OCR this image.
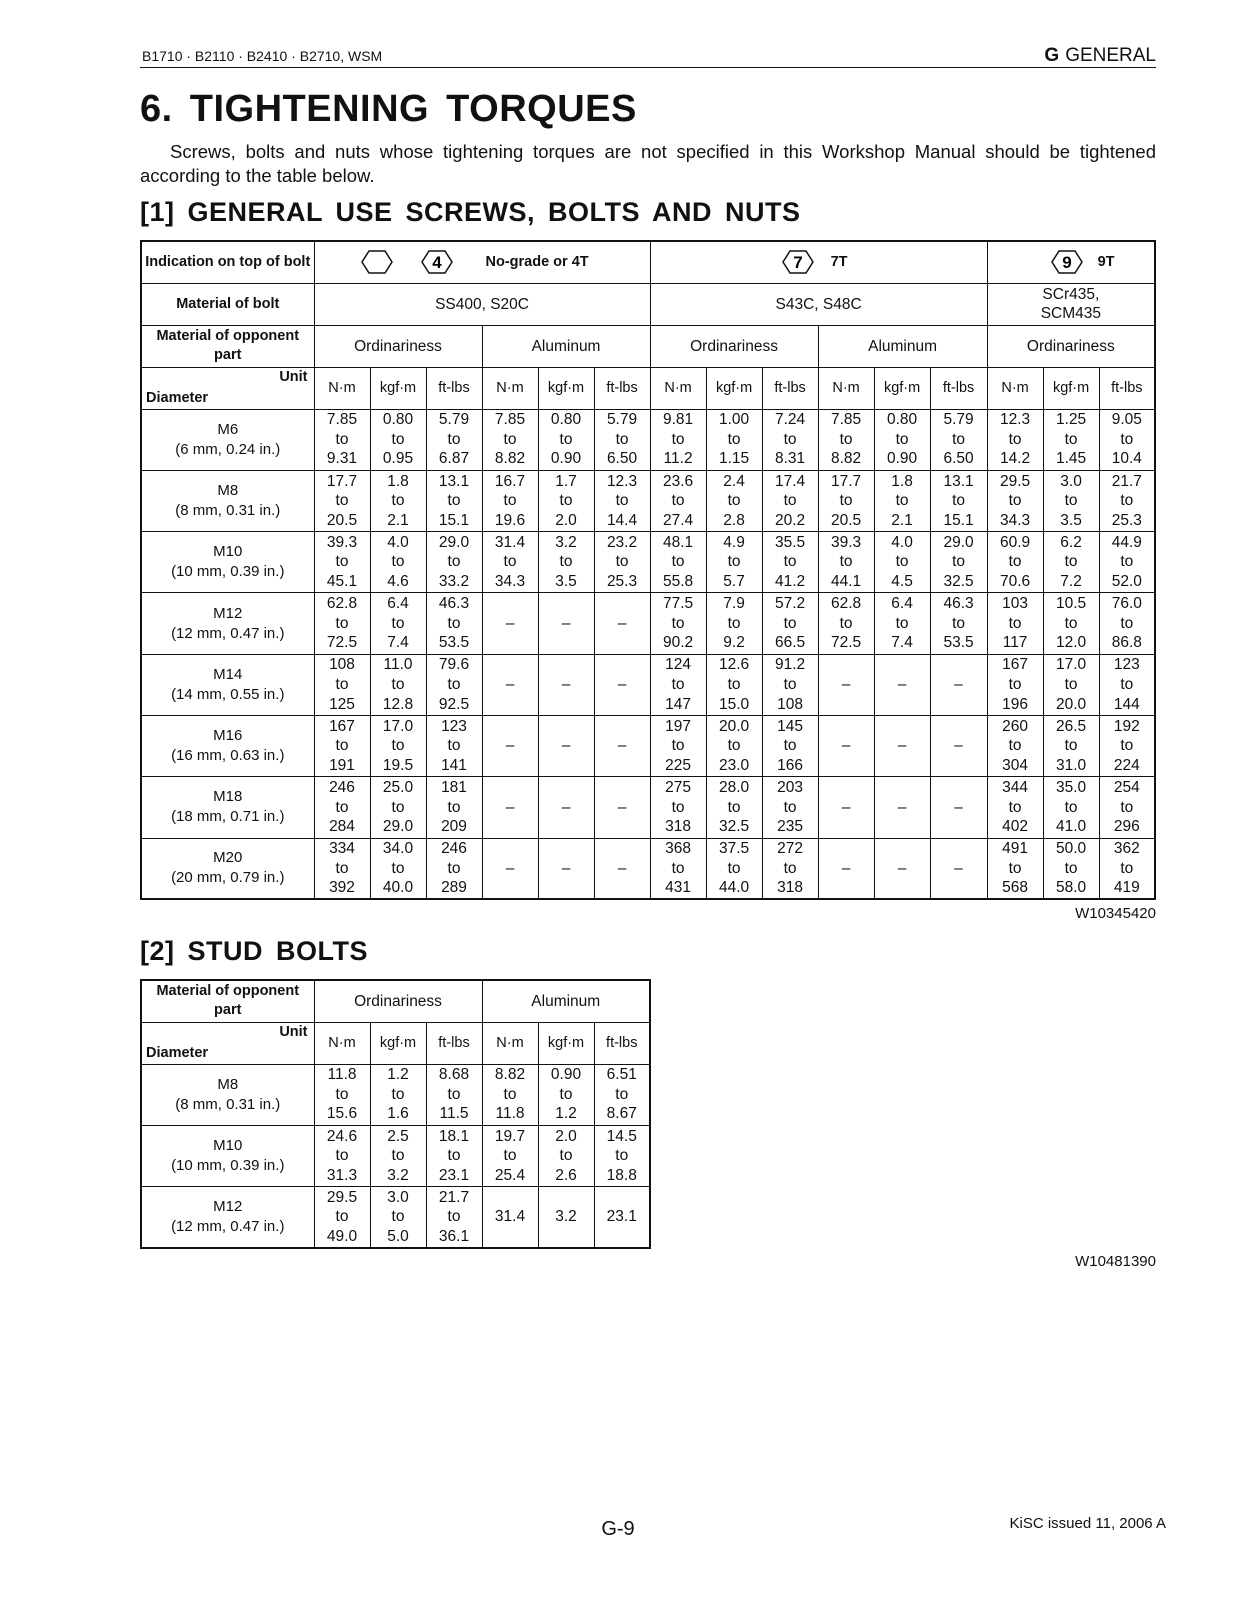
B1710 · B2110 · B2410 · B2710, WSM	G GENERAL
6. TIGHTENING TORQUES

Screws, bolts and nuts whose tightening torques are not specified in this Workshop Manual should be tightened according to the table below.

[1] GENERAL USE SCREWS, BOLTS AND NUTS
Indication on top of bolt	4 No-grade or 4T						7 7T						9 9T		

Material of bolt	SS400, S20C						S43C, S48C						SCr435, SCM435		

Material of opponent part	Ordinariness			Aluminum			Ordinariness			Aluminum			Ordinariness		

Unit
Diameter	N·m	kgf·m	ft-lbs	N·m	kgf·m	ft-lbs	N·m	kgf·m	ft-lbs	N·m	kgf·m	ft-lbs	N·m	kgf·m	ft-lbs

M6
(6 mm, 0.24 in.)	7.85
to
9.31	0.80
to
0.95	5.79
to
6.87	7.85
to
8.82	0.80
to
0.90	5.79
to
6.50	9.81
to
11.2	1.00
to
1.15	7.24
to
8.31	7.85
to
8.82	0.80
to
0.90	5.79
to
6.50	12.3
to
14.2	1.25
to
1.45	9.05
to
10.4

M8
(8 mm, 0.31 in.)	17.7
to
20.5	1.8
to
2.1	13.1
to
15.1	16.7
to
19.6	1.7
to
2.0	12.3
to
14.4	23.6
to
27.4	2.4
to
2.8	17.4
to
20.2	17.7
to
20.5	1.8
to
2.1	13.1
to
15.1	29.5
to
34.3	3.0
to
3.5	21.7
to
25.3

M10
(10 mm, 0.39 in.)	39.3
to
45.1	4.0
to
4.6	29.0
to
33.2	31.4
to
34.3	3.2
to
3.5	23.2
to
25.3	48.1
to
55.8	4.9
to
5.7	35.5
to
41.2	39.3
to
44.1	4.0
to
4.5	29.0
to
32.5	60.9
to
70.6	6.2
to
7.2	44.9
to
52.0

M12
(12 mm, 0.47 in.)	62.8
to
72.5	6.4
to
7.4	46.3
to
53.5	–	–	–	77.5
to
90.2	7.9
to
9.2	57.2
to
66.5	62.8
to
72.5	6.4
to
7.4	46.3
to
53.5	103
to
117	10.5
to
12.0	76.0
to
86.8

M14
(14 mm, 0.55 in.)	108
to
125	11.0
to
12.8	79.6
to
92.5	–	–	–	124
to
147	12.6
to
15.0	91.2
to
108	–	–	–	167
to
196	17.0
to
20.0	123
to
144

M16
(16 mm, 0.63 in.)	167
to
191	17.0
to
19.5	123
to
141	–	–	–	197
to
225	20.0
to
23.0	145
to
166	–	–	–	260
to
304	26.5
to
31.0	192
to
224

M18
(18 mm, 0.71 in.)	246
to
284	25.0
to
29.0	181
to
209	–	–	–	275
to
318	28.0
to
32.5	203
to
235	–	–	–	344
to
402	35.0
to
41.0	254
to
296

M20
(20 mm, 0.79 in.)	334
to
392	34.0
to
40.0	246
to
289	–	–	–	368
to
431	37.5
to
44.0	272
to
318	–	–	–	491
to
568	50.0
to
58.0	362
to
419
W10345420
[2] STUD BOLTS
Material of opponent part	Ordinariness			Aluminum		

Unit
Diameter	N·m	kgf·m	ft-lbs	N·m	kgf·m	ft-lbs

M8
(8 mm, 0.31 in.)	11.8
to
15.6	1.2
to
1.6	8.68
to
11.5	8.82
to
11.8	0.90
to
1.2	6.51
to
8.67

M10
(10 mm, 0.39 in.)	24.6
to
31.3	2.5
to
3.2	18.1
to
23.1	19.7
to
25.4	2.0
to
2.6	14.5
to
18.8

M12
(12 mm, 0.47 in.)	29.5
to
49.0	3.0
to
5.0	21.7
to
36.1	31.4	3.2	23.1
W10481390
G-9	KiSC issued 11, 2006 A
